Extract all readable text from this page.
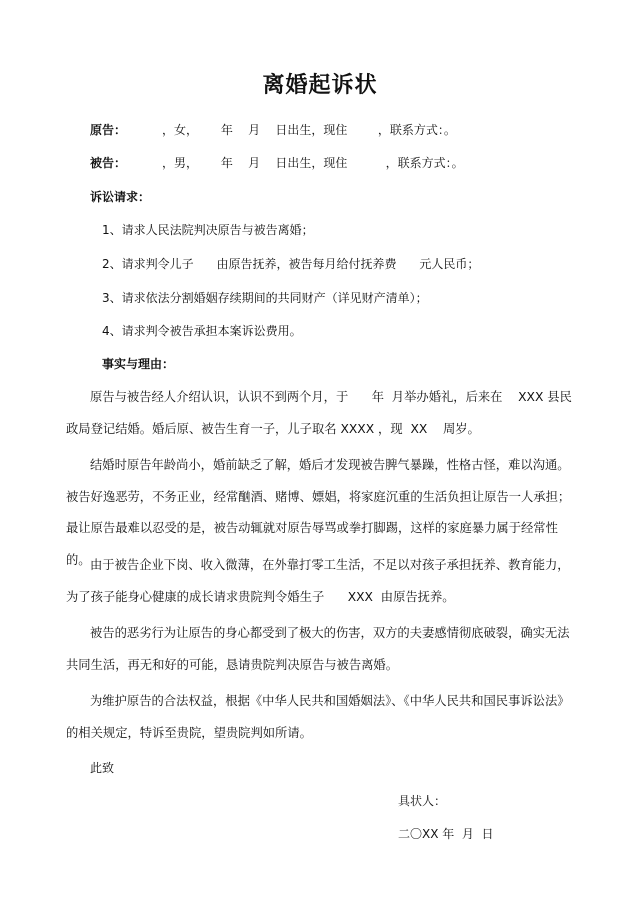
离婚起诉状
原告：	，女，      年    月    日出生，现住        ，联系方式：。
被告：	，男，      年    月    日出生，现住          ，联系方式：。
诉讼请求：
1、请求人民法院判决原告与被告离婚；
2、请求判令儿子      由原告抚养，被告每月给付抚养费      元人民币；
3、请求依法分割婚姻存续期间的共同财产（详见财产清单）；
4、请求判令被告承担本案诉讼费用。
事实与理由：

原告与被告经人介绍认识，认识不到两个月，于      年  月举办婚礼，后来在    XXX 县民政局登记结婚。婚后原、被告生育一子，儿子取名 XXXX ，现  XX    周岁。

结婚时原告年龄尚小，婚前缺乏了解，婚后才发现被告脾气暴躁，性格古怪，难以沟通。被告好逸恶劳，不务正业，经常酗酒、赌博、嫖娼，将家庭沉重的生活负担让原告一人承担；最让原告最难以忍受的是，被告动辄就对原告辱骂或拳打脚踢，这样的家庭暴力属于经常性的。 由于被告企业下岗、收入微薄，在外靠打零工生活，不足以对孩子承担抚养、教育能力，为了孩子能身心健康的成长请求贵院判令婚生子      XXX  由原告抚养。

被告的恶劣行为让原告的身心都受到了极大的伤害，双方的夫妻感情彻底破裂，确实无法共同生活，再无和好的可能，恳请贵院判决原告与被告离婚。

为维护原告的合法权益，根据《中华人民共和国婚姻法》、《中华人民共和国民事诉讼法》的相关规定，特诉至贵院，望贵院判如所请。

此致
具状人：
二〇XX 年  月  日
